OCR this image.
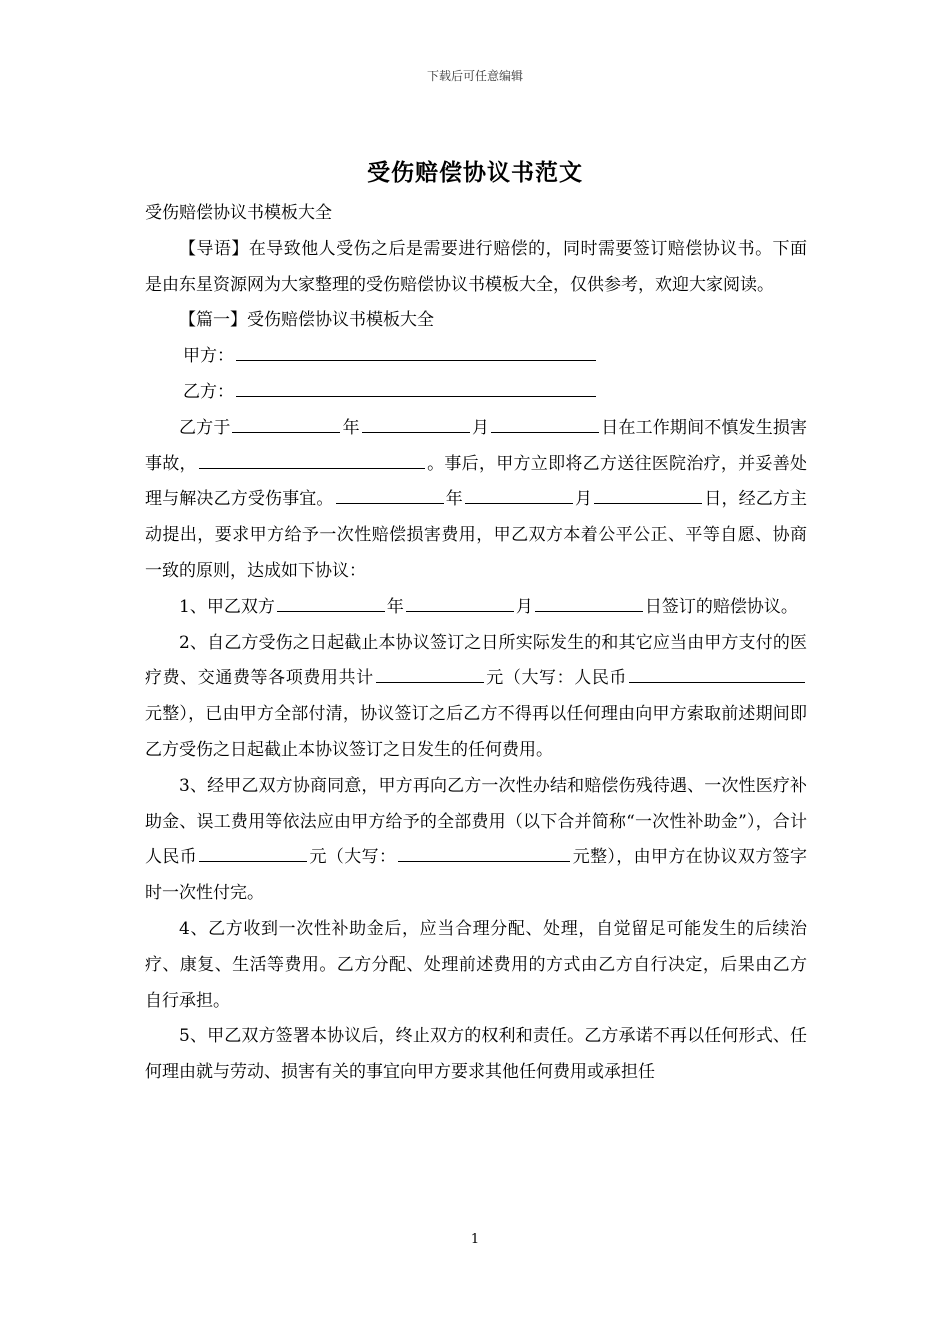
下载后可任意编辑
受伤赔偿协议书范文

受伤赔偿协议书模板大全

【导语】在导致他人受伤之后是需要进行赔偿的，同时需要签订赔偿协议书。下面是由东星资源网为大家整理的受伤赔偿协议书模板大全，仅供参考，欢迎大家阅读。

【篇一】受伤赔偿协议书模板大全

甲方：

乙方：

乙方于	年	月	日在工作期间不慎发生损害事故，	。事后，甲方立即将乙方送往医院治疗，并妥善处理与解决乙方受伤事宜。	年	月	日，经乙方主动提出，要求甲方给予一次性赔偿损害费用，甲乙双方本着公平公正、平等自愿、协商一致的原则，达成如下协议：

1、甲乙双方	年	月	日签订的赔偿协议。

2、自乙方受伤之日起截止本协议签订之日所实际发生的和其它应当由甲方支付的医疗费、交通费等各项费用共计	元（大写：人民币元整），已由甲方全部付清，协议签订之后乙方不得再以任何理由向甲方索取前述期间即乙方受伤之日起截止本协议签订之日发生的任何费用。

3、经甲乙双方协商同意，甲方再向乙方一次性办结和赔偿伤残待遇、一次性医疗补助金、误工费用等依法应由甲方给予的全部费用（以下合并简称“一次性补助金”），合计人民币	元（大写：	元整），由甲方在协议双方签字时一次性付完。

4、乙方收到一次性补助金后，应当合理分配、处理，自觉留足可能发生的后续治疗、康复、生活等费用。乙方分配、处理前述费用的方式由乙方自行决定，后果由乙方自行承担。

5、甲乙双方签署本协议后，终止双方的权利和责任。乙方承诺不再以任何形式、任何理由就与劳动、损害有关的事宜向甲方要求其他任何费用或承担任

1
